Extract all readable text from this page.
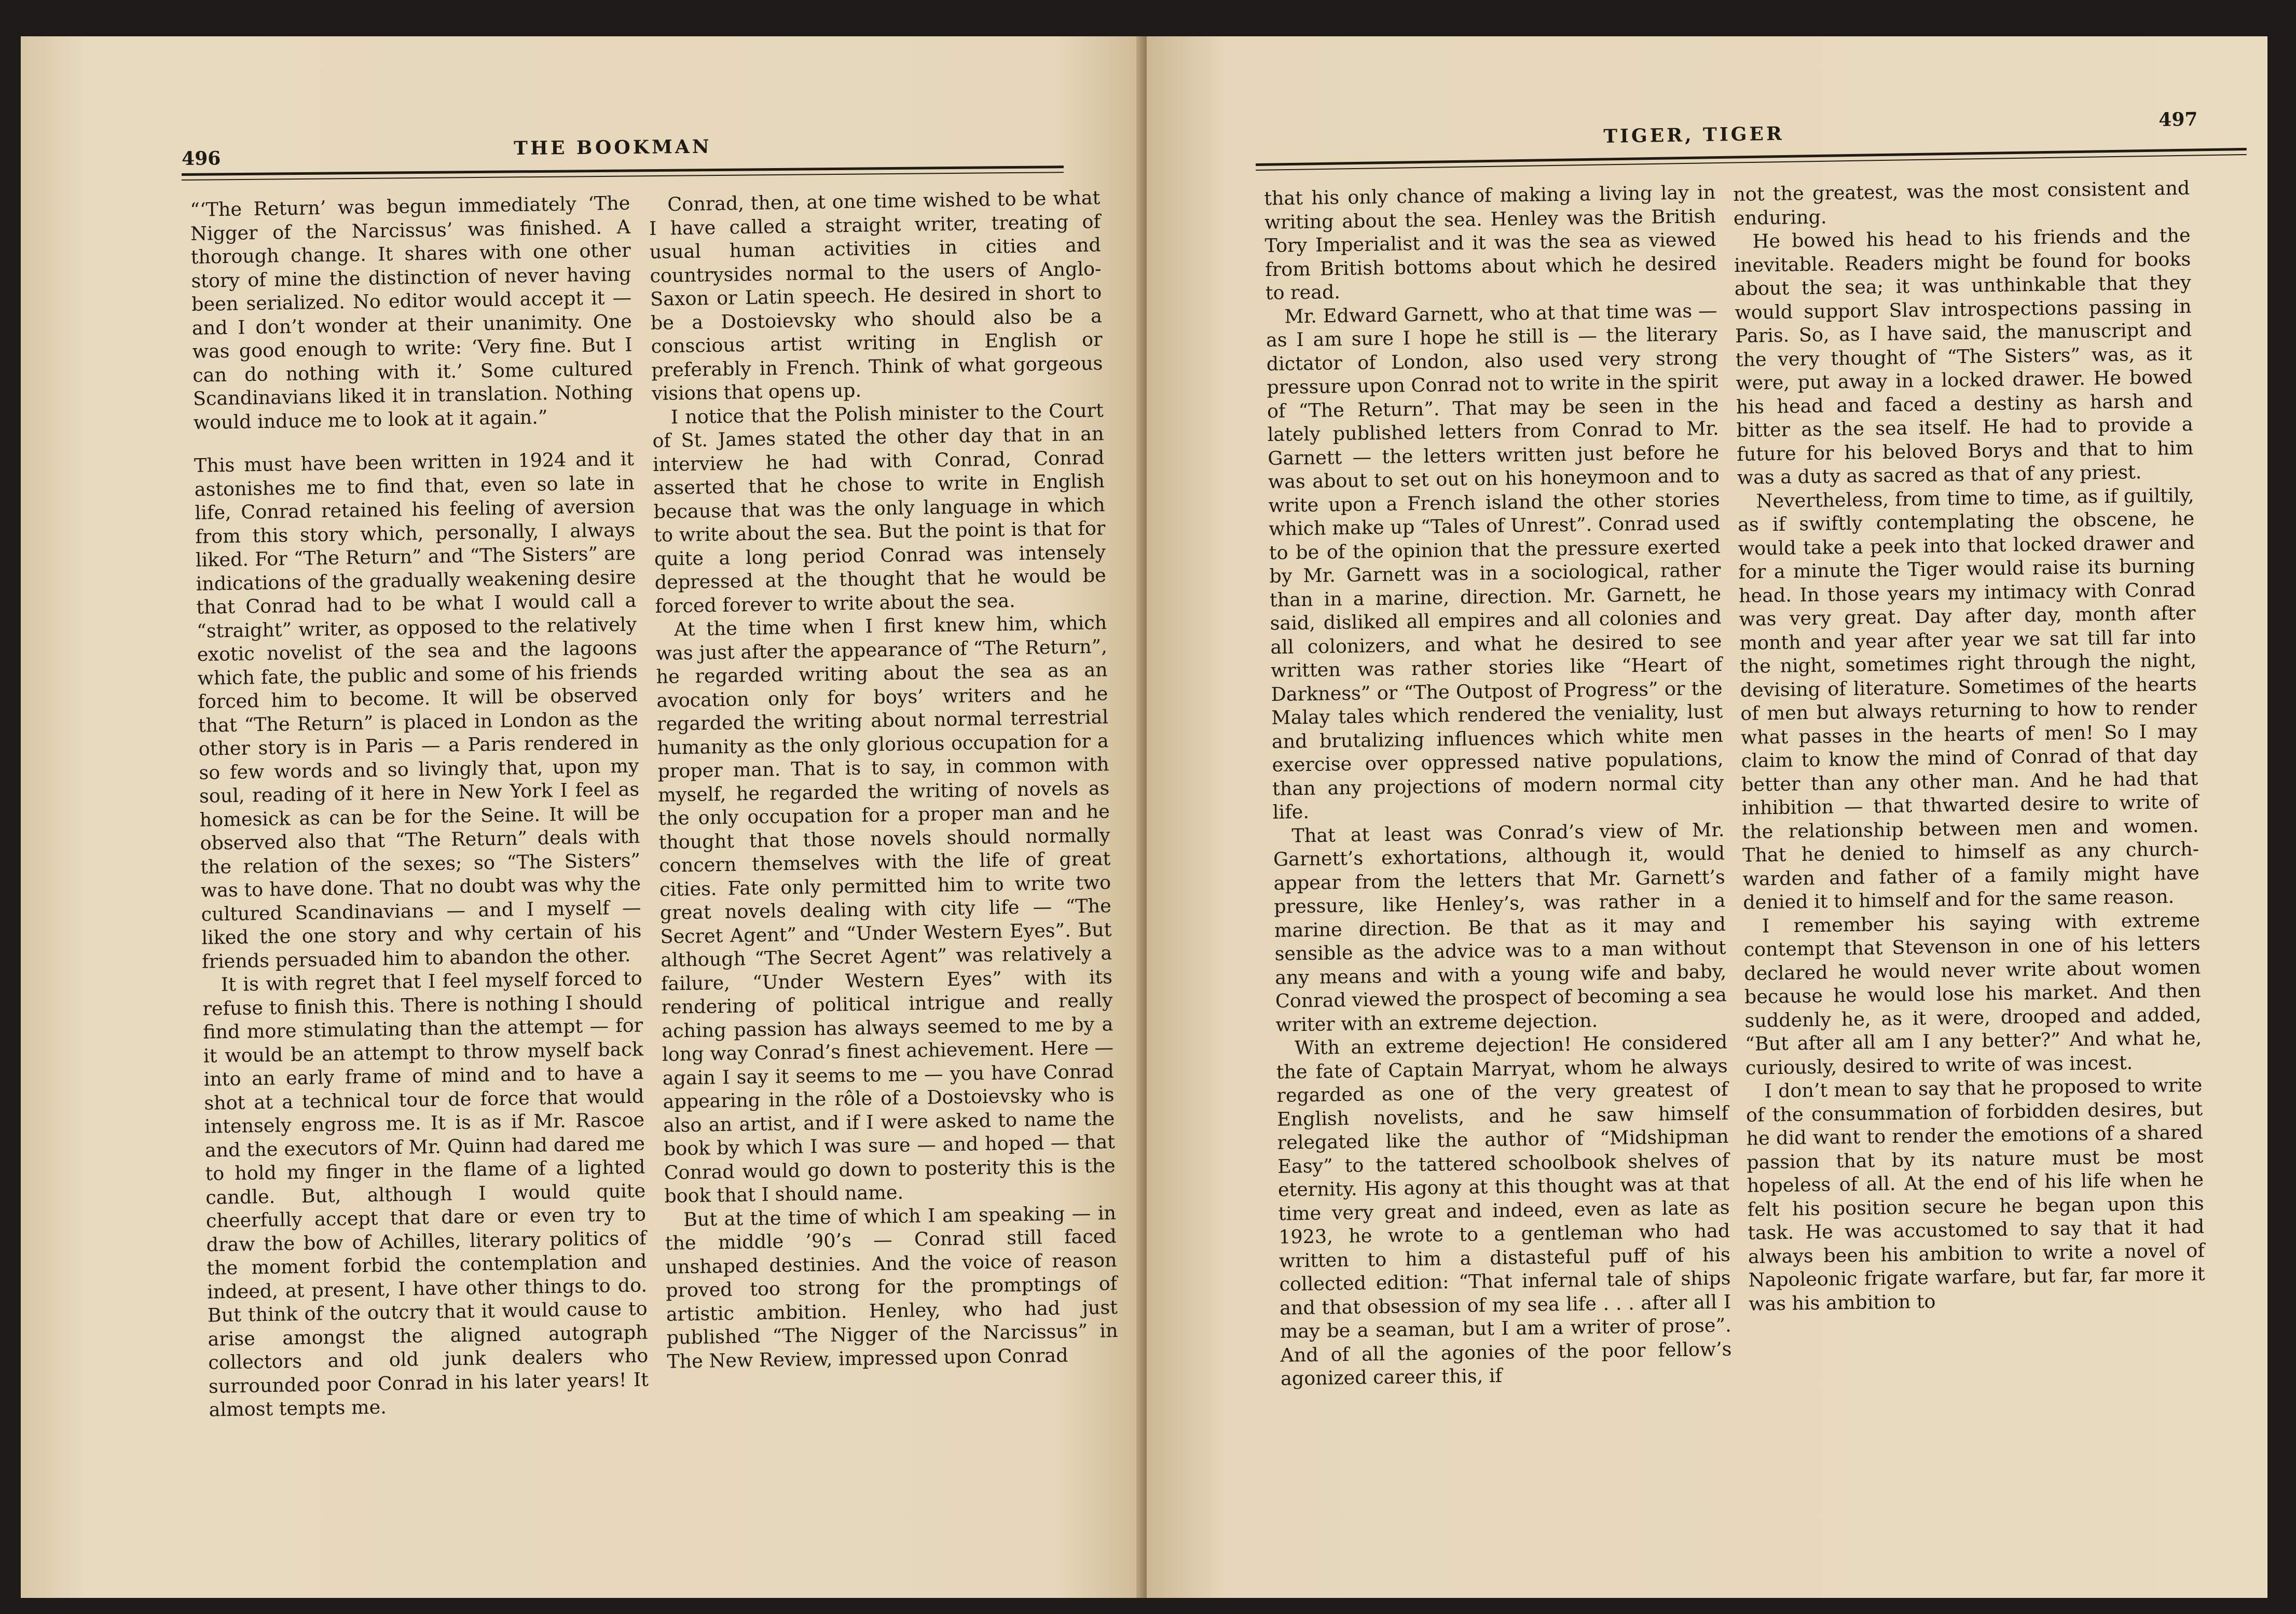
496	THE BOOKMAN

“‘The Return’ was begun immediately ‘The Nigger of the Narcissus’ was finished. A thorough change. It shares with one other story of mine the distinction of never having been serialized. No editor would accept it — and I don’t wonder at their unanimity. One was good enough to write: ‘Very fine. But I can do nothing with it.’ Some cultured Scandinavians liked it in translation. Nothing would induce me to look at it again.”

This must have been written in 1924 and it astonishes me to find that, even so late in life, Conrad retained his feeling of aversion from this story which, personally, I always liked. For “The Return” and “The Sisters” are indications of the gradually weakening desire that Conrad had to be what I would call a “straight” writer, as opposed to the relatively exotic novelist of the sea and the lagoons which fate, the public and some of his friends forced him to become. It will be observed that “The Return” is placed in London as the other story is in Paris — a Paris rendered in so few words and so livingly that, upon my soul, reading of it here in New York I feel as homesick as can be for the Seine. It will be observed also that “The Return” deals with the relation of the sexes; so “The Sisters” was to have done. That no doubt was why the cultured Scandinavians — and I myself — liked the one story and why certain of his friends persuaded him to abandon the other.

It is with regret that I feel myself forced to refuse to finish this. There is nothing I should find more stimulating than the attempt — for it would be an attempt to throw myself back into an early frame of mind and to have a shot at a technical tour de force that would intensely engross me. It is as if Mr. Rascoe and the executors of Mr. Quinn had dared me to hold my finger in the flame of a lighted candle. But, although I would quite cheerfully accept that dare or even try to draw the bow of Achilles, literary politics of the moment forbid the contemplation and indeed, at present, I have other things to do. But think of the outcry that it would cause to arise amongst the aligned autograph collectors and old junk dealers who surrounded poor Conrad in his later years! It almost tempts me.

Conrad, then, at one time wished to be what I have called a straight writer, treating of usual human activities in cities and countrysides normal to the users of Anglo-Saxon or Latin speech. He desired in short to be a Dostoievsky who should also be a conscious artist writing in English or preferably in French. Think of what gorgeous visions that opens up.

I notice that the Polish minister to the Court of St. James stated the other day that in an interview he had with Conrad, Conrad asserted that he chose to write in English because that was the only language in which to write about the sea. But the point is that for quite a long period Conrad was intensely depressed at the thought that he would be forced forever to write about the sea.

At the time when I first knew him, which was just after the appearance of “The Return”, he regarded writing about the sea as an avocation only for boys’ writers and he regarded the writing about normal terrestrial humanity as the only glorious occupation for a proper man. That is to say, in common with myself, he regarded the writing of novels as the only occupation for a proper man and he thought that those novels should normally concern themselves with the life of great cities. Fate only permitted him to write two great novels dealing with city life — “The Secret Agent” and “Under Western Eyes”. But although “The Secret Agent” was relatively a failure, “Under Western Eyes” with its rendering of political intrigue and really aching passion has always seemed to me by a long way Conrad’s finest achievement. Here — again I say it seems to me — you have Conrad appearing in the rôle of a Dostoievsky who is also an artist, and if I were asked to name the book by which I was sure — and hoped — that Conrad would go down to posterity this is the book that I should name.

But at the time of which I am speaking — in the middle ’90’s — Conrad still faced unshaped destinies. And the voice of reason proved too strong for the promptings of artistic ambition. Henley, who had just published “The Nigger of the Narcissus” in The New Review, impressed upon Conrad

TIGER, TIGER
497

that his only chance of making a living lay in writing about the sea. Henley was the British Tory Imperialist and it was the sea as viewed from British bottoms about which he desired to read.

Mr. Edward Garnett, who at that time was — as I am sure I hope he still is — the literary dictator of London, also used very strong pressure upon Conrad not to write in the spirit of “The Return”. That may be seen in the lately published letters from Conrad to Mr. Garnett — the letters written just before he was about to set out on his honeymoon and to write upon a French island the other stories which make up “Tales of Unrest”. Conrad used to be of the opinion that the pressure exerted by Mr. Garnett was in a sociological, rather than in a marine, direction. Mr. Garnett, he said, disliked all empires and all colonies and all colonizers, and what he desired to see written was rather stories like “Heart of Darkness” or “The Outpost of Progress” or the Malay tales which rendered the veniality, lust and brutalizing influences which white men exercise over oppressed native populations, than any projections of modern normal city life.

That at least was Conrad’s view of Mr. Garnett’s exhortations, although it, would appear from the letters that Mr. Garnett’s pressure, like Henley’s, was rather in a marine direction. Be that as it may and sensible as the advice was to a man without any means and with a young wife and baby, Conrad viewed the prospect of becoming a sea writer with an extreme dejection.

With an extreme dejection! He considered the fate of Captain Marryat, whom he always regarded as one of the very greatest of English novelists, and he saw himself relegated like the author of “Midshipman Easy” to the tattered schoolbook shelves of eternity. His agony at this thought was at that time very great and indeed, even as late as 1923, he wrote to a gentleman who had written to him a distasteful puff of his collected edition: “That infernal tale of ships and that obsession of my sea life . . . after all I may be a seaman, but I am a writer of prose”. And of all the agonies of the poor fellow’s agonized career this, if

not the greatest, was the most consistent and enduring.

He bowed his head to his friends and the inevitable. Readers might be found for books about the sea; it was unthinkable that they would support Slav introspections passing in Paris. So, as I have said, the manuscript and the very thought of “The Sisters” was, as it were, put away in a locked drawer. He bowed his head and faced a destiny as harsh and bitter as the sea itself. He had to provide a future for his beloved Borys and that to him was a duty as sacred as that of any priest.

Nevertheless, from time to time, as if guiltily, as if swiftly contemplating the obscene, he would take a peek into that locked drawer and for a minute the Tiger would raise its burning head. In those years my intimacy with Conrad was very great. Day after day, month after month and year after year we sat till far into the night, sometimes right through the night, devising of literature. Sometimes of the hearts of men but always returning to how to render what passes in the hearts of men! So I may claim to know the mind of Conrad of that day better than any other man. And he had that inhibition — that thwarted desire to write of the relationship between men and women. That he denied to himself as any church-warden and father of a family might have denied it to himself and for the same reason.

I remember his saying with extreme contempt that Stevenson in one of his letters declared he would never write about women because he would lose his market. And then suddenly he, as it were, drooped and added, “But after all am I any better?” And what he, curiously, desired to write of was incest.

I don’t mean to say that he proposed to write of the consummation of forbidden desires, but he did want to render the emotions of a shared passion that by its nature must be most hopeless of all. At the end of his life when he felt his position secure he began upon this task. He was accustomed to say that it had always been his ambition to write a novel of Napoleonic frigate warfare, but far, far more it was his ambition to
